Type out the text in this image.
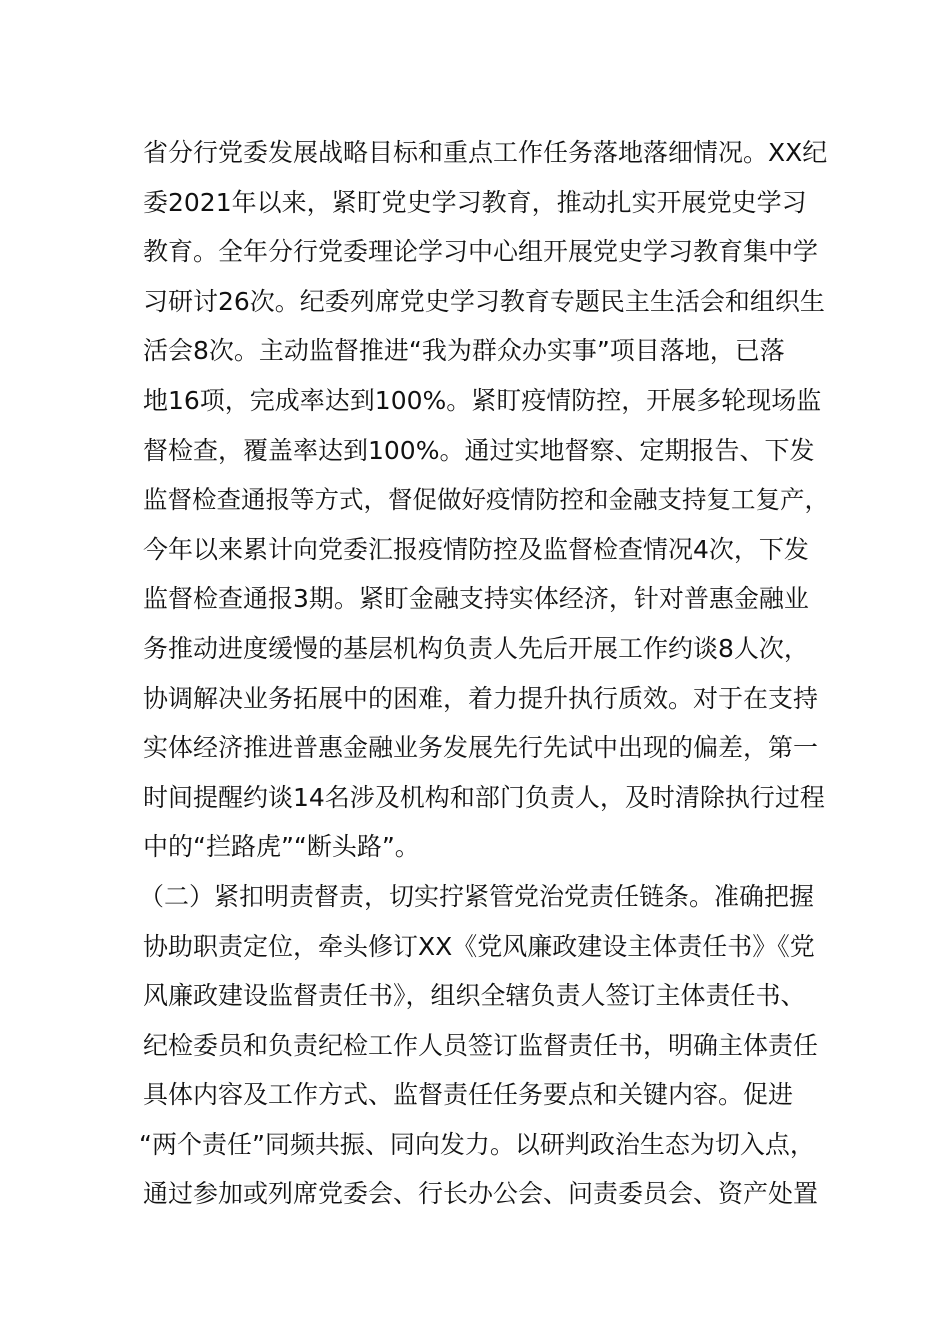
省分行党委发展战略目标和重点工作任务落地落细情况。XX纪
委2021年以来，紧盯党史学习教育，推动扎实开展党史学习
教育。全年分行党委理论学习中心组开展党史学习教育集中学
习研讨26次。纪委列席党史学习教育专题民主生活会和组织生
活会8次。主动监督推进“我为群众办实事”项目落地，已落
地16项，完成率达到100%。紧盯疫情防控，开展多轮现场监
督检查，覆盖率达到100%。通过实地督察、定期报告、下发
监督检查通报等方式，督促做好疫情防控和金融支持复工复产，
今年以来累计向党委汇报疫情防控及监督检查情况4次，下发
监督检查通报3期。紧盯金融支持实体经济，针对普惠金融业
务推动进度缓慢的基层机构负责人先后开展工作约谈8人次，
协调解决业务拓展中的困难，着力提升执行质效。对于在支持
实体经济推进普惠金融业务发展先行先试中出现的偏差，第一
时间提醒约谈14名涉及机构和部门负责人，及时清除执行过程
中的“拦路虎”“断头路”。
（二）紧扣明责督责，切实拧紧管党治党责任链条。准确把握
协助职责定位，牵头修订XX《党风廉政建设主体责任书》《党
风廉政建设监督责任书》，组织全辖负责人签订主体责任书、
纪检委员和负责纪检工作人员签订监督责任书，明确主体责任
具体内容及工作方式、监督责任任务要点和关键内容。促进
“两个责任”同频共振、同向发力。以研判政治生态为切入点，
通过参加或列席党委会、行长办公会、问责委员会、资产处置
